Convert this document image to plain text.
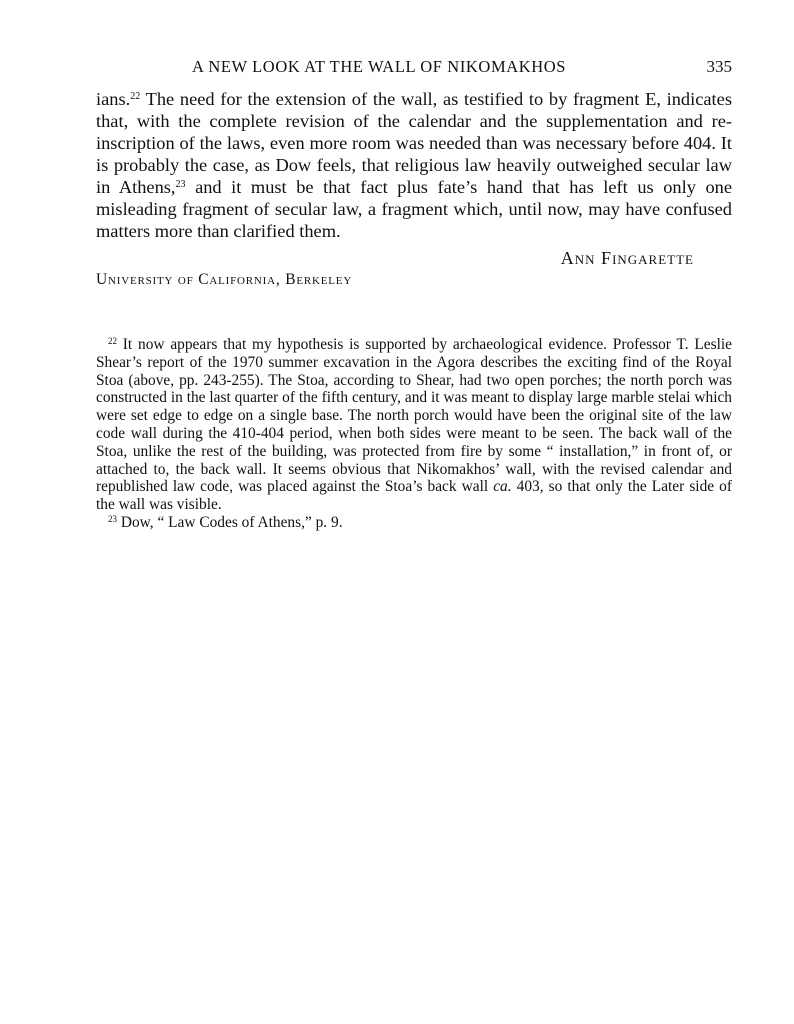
A NEW LOOK AT THE WALL OF NIKOMAKHOS	335

ians.$^{22}$ The need for the extension of the wall, as testified to by fragment E, indicates that, with the complete revision of the calendar and the supplementation and re-inscription of the laws, even more room was needed than was necessary before 404. It is probably the case, as Dow feels, that religious law heavily outweighed secular law in Athens,$^{23}$ and it must be that fact plus fate’s hand that has left us only one misleading fragment of secular law, a fragment which, until now, may have confused matters more than clarified them.

Ann Fingarette
University of California, Berkeley

$^{22}$ It now appears that my hypothesis is supported by archaeological evidence. Professor T. Leslie Shear’s report of the 1970 summer excavation in the Agora describes the exciting find of the Royal Stoa (above, pp. 243-255). The Stoa, according to Shear, had two open porches; the north porch was constructed in the last quarter of the fifth century, and it was meant to display large marble stelai which were set edge to edge on a single base. The north porch would have been the original site of the law code wall during the 410-404 period, when both sides were meant to be seen. The back wall of the Stoa, unlike the rest of the building, was protected from fire by some “ installation,” in front of, or attached to, the back wall. It seems obvious that Nikomakhos’ wall, with the revised calendar and republished law code, was placed against the Stoa’s back wall ca. 403, so that only the Later side of the wall was visible.

$^{23}$ Dow, “ Law Codes of Athens,” p. 9.
